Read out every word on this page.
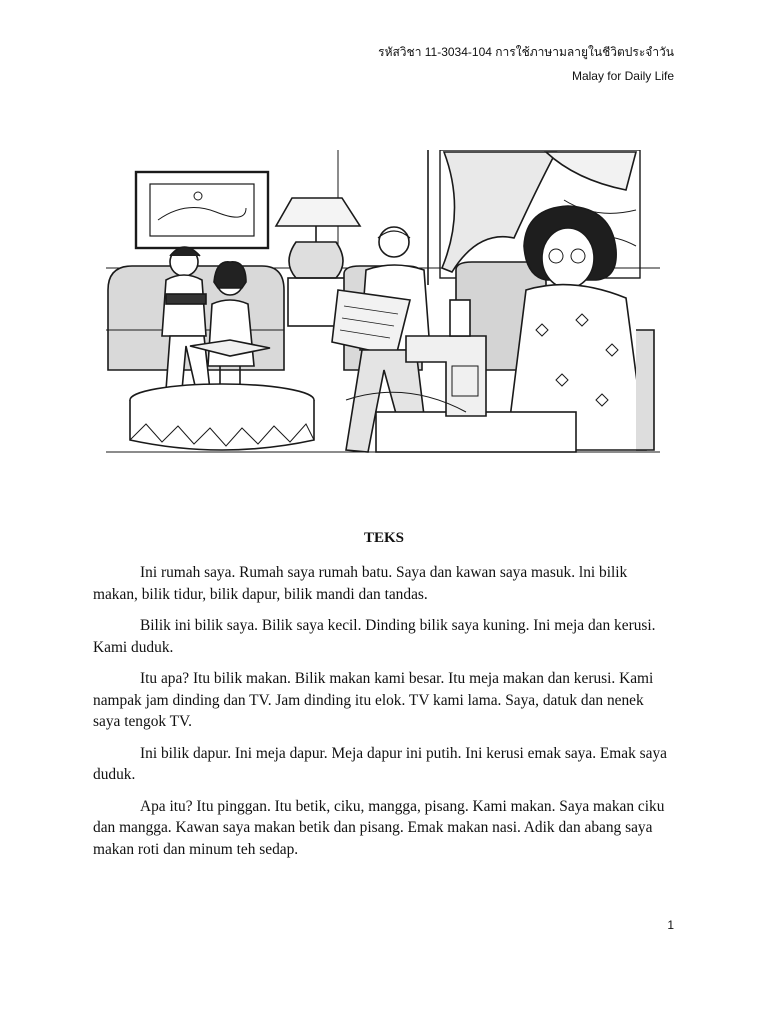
รหัสวิชา 11-3034-104 การใช้ภาษามลายูในชีวิตประจำวัน
Malay for Daily Life
TEKS

Ini rumah saya. Rumah saya rumah batu. Saya dan kawan saya masuk. lni bilik makan, bilik tidur, bilik dapur, bilik mandi dan tandas.

Bilik ini bilik saya. Bilik saya kecil. Dinding bilik saya kuning. Ini meja dan kerusi. Kami duduk.

Itu apa? Itu bilik makan. Bilik makan kami besar. Itu meja makan dan kerusi. Kami nampak jam dinding dan TV. Jam dinding itu elok. TV kami lama. Saya, datuk dan nenek saya tengok TV.

Ini bilik dapur. Ini meja dapur. Meja dapur ini putih. Ini kerusi emak saya. Emak saya duduk.

Apa itu? Itu pinggan. Itu betik, ciku, mangga, pisang. Kami makan. Saya makan ciku dan mangga. Kawan saya makan betik dan pisang. Emak makan nasi. Adik dan abang saya makan roti dan minum teh sedap.

1
